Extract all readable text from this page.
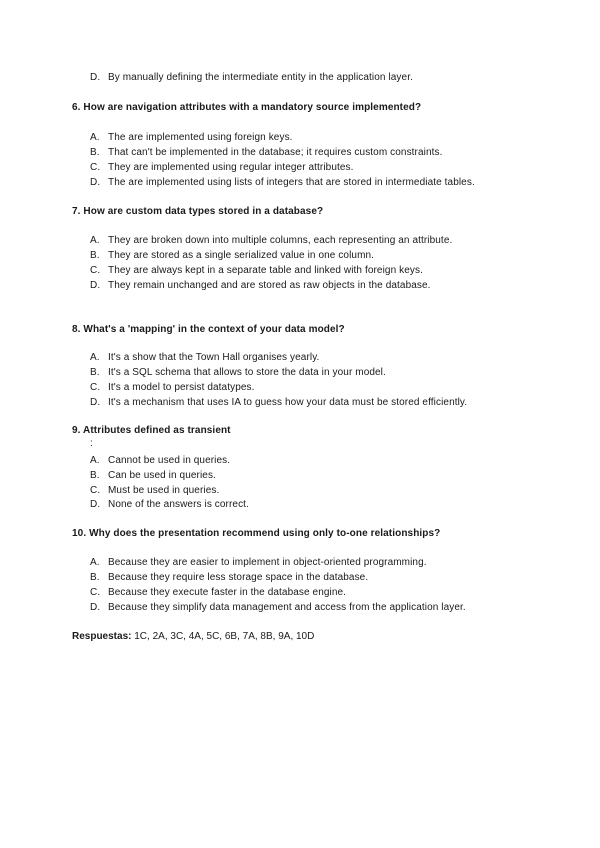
D. By manually defining the intermediate entity in the application layer.
6. How are navigation attributes with a mandatory source implemented?
A. The are implemented using foreign keys.
B. That can't be implemented in the database; it requires custom constraints.
C. They are implemented using regular integer attributes.
D. The are implemented using lists of integers that are stored in intermediate tables.
7. How are custom data types stored in a database?
A. They are broken down into multiple columns, each representing an attribute.
B. They are stored as a single serialized value in one column.
C. They are always kept in a separate table and linked with foreign keys.
D. They remain unchanged and are stored as raw objects in the database.
8. What's a 'mapping' in the context of your data model?
A. It's a show that the Town Hall organises yearly.
B. It's a SQL schema that allows to store the data in your model.
C. It's a model to persist datatypes.
D. It's a mechanism that uses IA to guess how your data must be stored efficiently.
9. Attributes defined as transient
:
A. Cannot be used in queries.
B. Can be used in queries.
C. Must be used in queries.
D. None of the answers is correct.
10. Why does the presentation recommend using only to-one relationships?
A. Because they are easier to implement in object-oriented programming.
B. Because they require less storage space in the database.
C. Because they execute faster in the database engine.
D. Because they simplify data management and access from the application layer.
Respuestas: 1C, 2A, 3C, 4A, 5C, 6B, 7A, 8B, 9A, 10D
